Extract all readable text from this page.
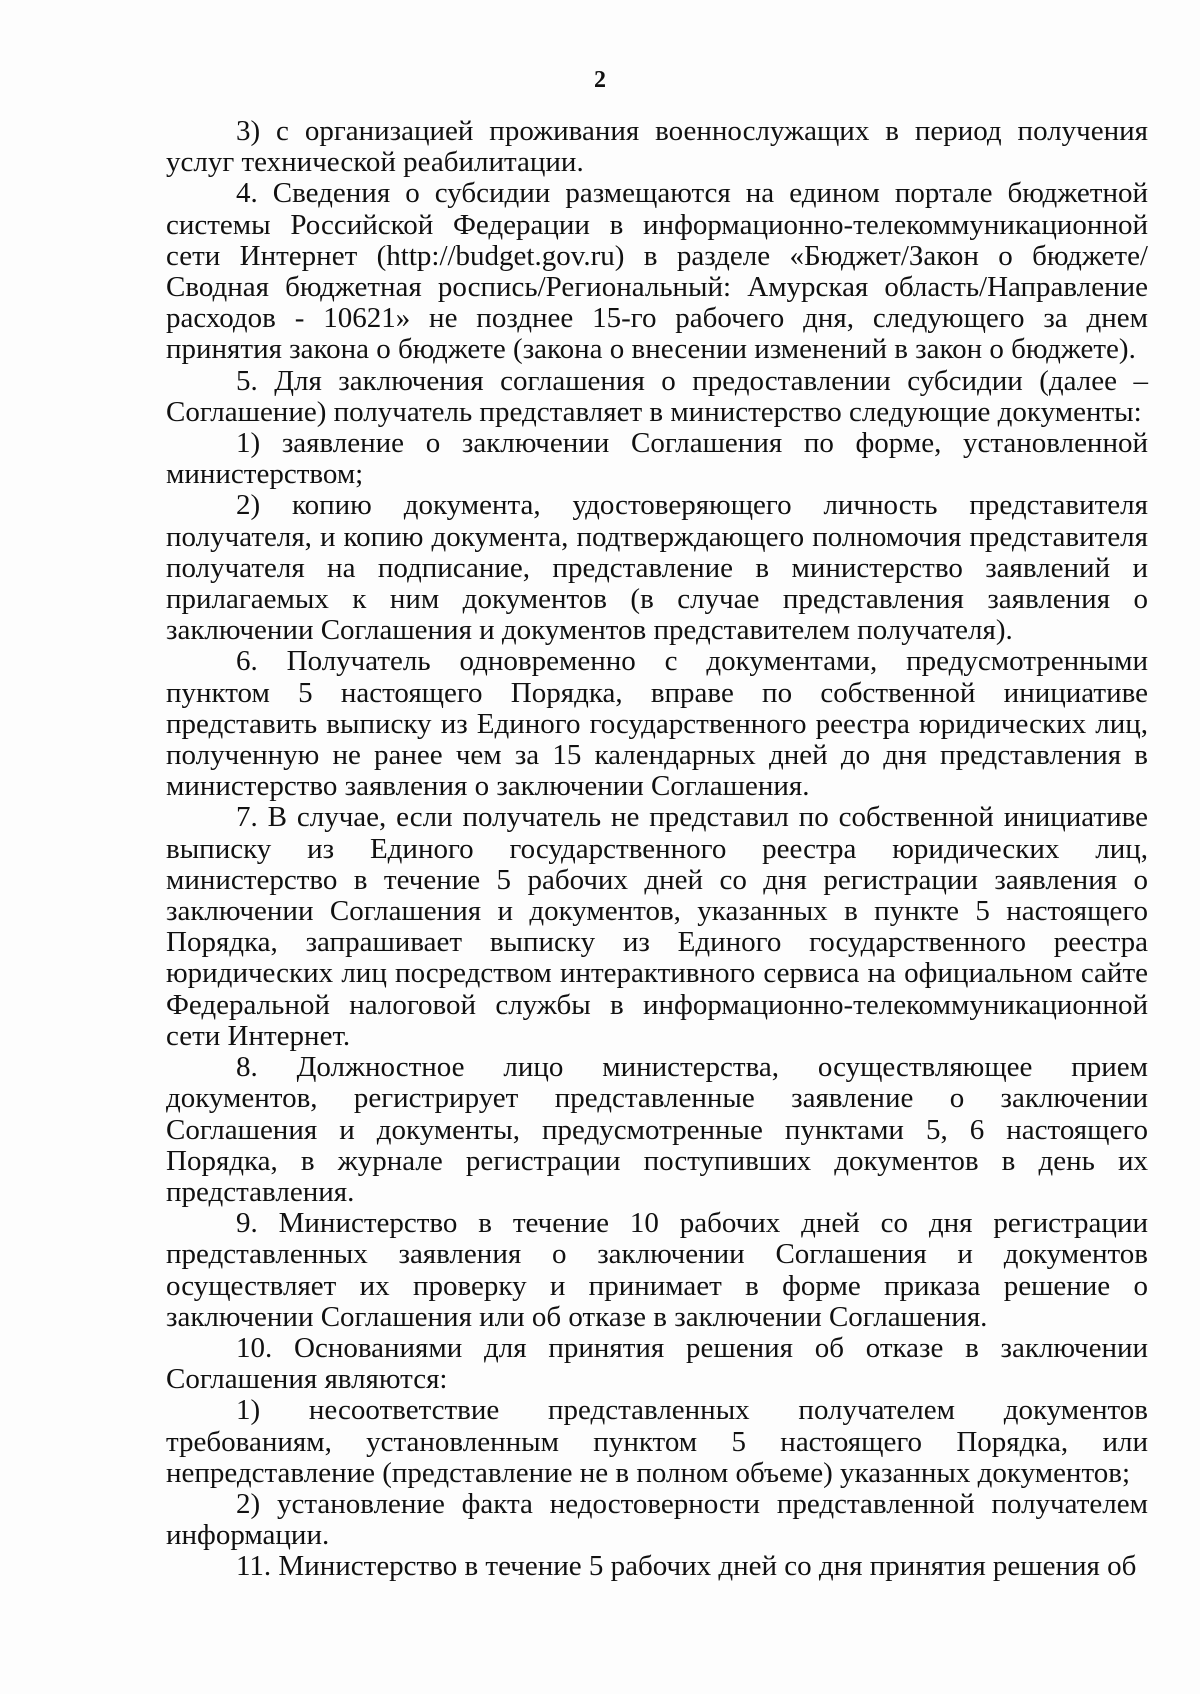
2

3) с организацией проживания военнослужащих в период получения услуг технической реабилитации.

4. Сведения о субсидии размещаются на едином портале бюджетной системы Российской Федерации в информационно-телекоммуникационной сети Интернет (http://budget.gov.ru) в разделе «Бюджет/Закон о бюджете/ Сводная бюджетная роспись/Региональный: Амурская область/Направление расходов - 10621» не позднее 15-го рабочего дня, следующего за днем принятия закона о бюджете (закона о внесении изменений в закон о бюджете).

5. Для заключения соглашения о предоставлении субсидии (далее – Соглашение) получатель представляет в министерство следующие документы:

1) заявление о заключении Соглашения по форме, установленной министерством;

2) копию документа, удостоверяющего личность представителя получателя, и копию документа, подтверждающего полномочия представителя получателя на подписание, представление в министерство заявлений и прилагаемых к ним документов (в случае представления заявления о заключении Соглашения и документов представителем получателя).

6. Получатель одновременно с документами, предусмотренными пунктом 5 настоящего Порядка, вправе по собственной инициативе представить выписку из Единого государственного реестра юридических лиц, полученную не ранее чем за 15 календарных дней до дня представления в министерство заявления о заключении Соглашения.

7. В случае, если получатель не представил по собственной инициативе выписку из Единого государственного реестра юридических лиц, министерство в течение 5 рабочих дней со дня регистрации заявления о заключении Соглашения и документов, указанных в пункте 5 настоящего Порядка, запрашивает выписку из Единого государственного реестра юридических лиц посредством интерактивного сервиса на официальном сайте Федеральной налоговой службы в информационно-телекоммуникационной сети Интернет.

8. Должностное лицо министерства, осуществляющее прием документов, регистрирует представленные заявление о заключении Соглашения и документы, предусмотренные пунктами 5, 6 настоящего Порядка, в журнале регистрации поступивших документов в день их представления.

9. Министерство в течение 10 рабочих дней со дня регистрации представленных заявления о заключении Соглашения и документов осуществляет их проверку и принимает в форме приказа решение о заключении Соглашения или об отказе в заключении Соглашения.

10. Основаниями для принятия решения об отказе в заключении Соглашения являются:

1) несоответствие представленных получателем документов требованиям, установленным пунктом 5 настоящего Порядка, или непредставление (представление не в полном объеме) указанных документов;

2) установление факта недостоверности представленной получателем информации.

11. Министерство в течение 5 рабочих дней со дня принятия решения об
